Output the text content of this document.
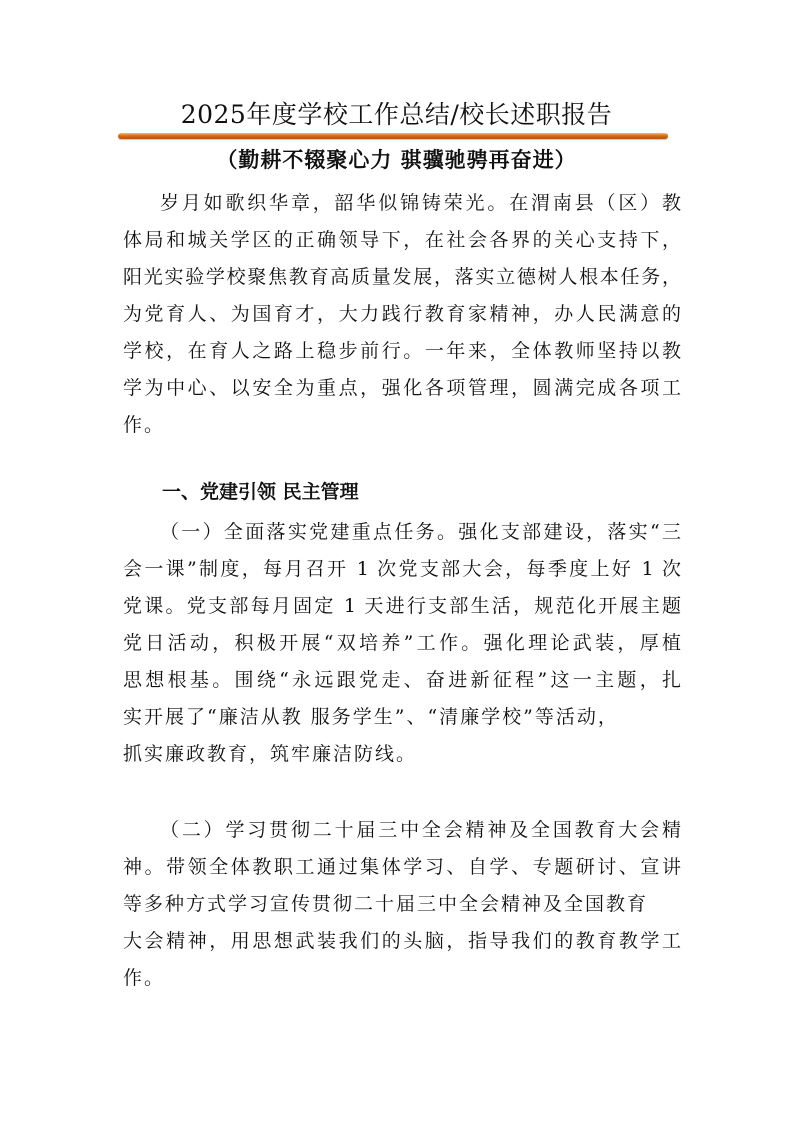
2025年度学校工作总结/校长述职报告
（勤耕不辍聚心力 骐骥驰骋再奋进）

岁月如歌织华章，韶华似锦铸荣光。在渭南县（区）教

体局和城关学区的正确领导下，在社会各界的关心支持下，

阳光实验学校聚焦教育高质量发展，落实立德树人根本任务，

为党育人、为国育才，大力践行教育家精神，办人民满意的

学校，在育人之路上稳步前行。一年来，全体教师坚持以教

学为中心、以安全为重点，强化各项管理，圆满完成各项工

作。

一、党建引领 民主管理

（一）全面落实党建重点任务。强化支部建设，落实“三

会一课”制度，每月召开 1 次党支部大会，每季度上好 1 次

党课。党支部每月固定 1 天进行支部生活，规范化开展主题

党日活动，积极开展“双培养”工作。强化理论武装，厚植

思想根基。围绕“永远跟党走、奋进新征程”这一主题，扎

实开展了“廉洁从教 服务学生”、“清廉学校”等活动，

抓实廉政教育，筑牢廉洁防线。

（二）学习贯彻二十届三中全会精神及全国教育大会精

神。带领全体教职工通过集体学习、自学、专题研讨、宣讲

等多种方式学习宣传贯彻二十届三中全会精神及全国教育

大会精神，用思想武装我们的头脑，指导我们的教育教学工

作。
